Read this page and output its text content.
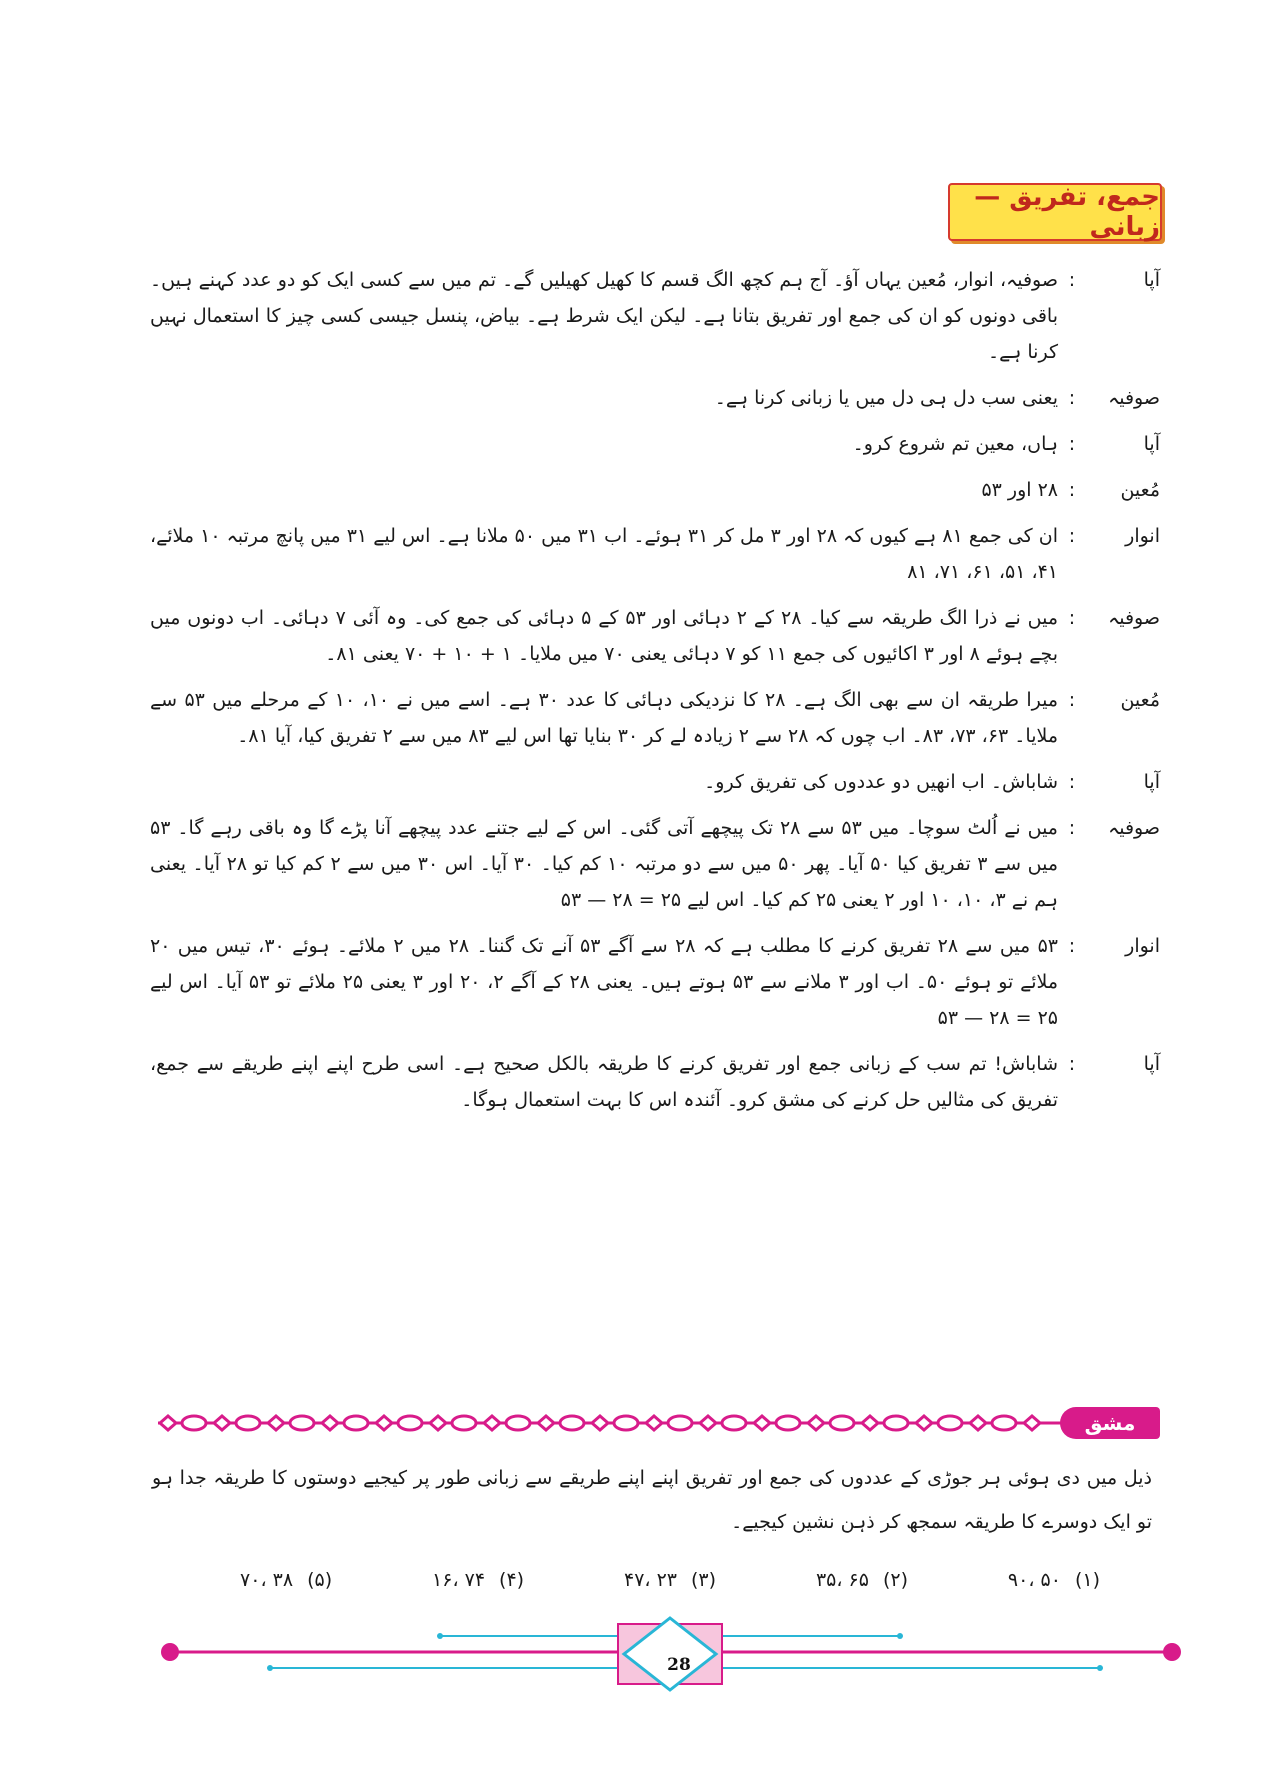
جمع، تفریق — زبانی
آپا
:
صوفیہ، انوار، مُعین یہاں آؤ۔ آج ہم کچھ الگ قسم کا کھیل کھیلیں گے۔ تم میں سے کسی ایک کو دو عدد کہنے ہیں۔ باقی دونوں کو ان کی جمع اور تفریق بتانا ہے۔ لیکن ایک شرط ہے۔ بیاض، پنسل جیسی کسی چیز کا استعمال نہیں کرنا ہے۔
صوفیہ
:
یعنی سب دل ہی دل میں یا زبانی کرنا ہے۔
آپا
:
ہاں، معین تم شروع کرو۔
مُعین
:
۲۸ اور ۵۳
انوار
:
ان کی جمع ۸۱ ہے کیوں کہ ۲۸ اور ۳ مل کر ۳۱ ہوئے۔ اب ۳۱ میں ۵۰ ملانا ہے۔ اس لیے ۳۱ میں پانچ مرتبہ ۱۰ ملائے، ۴۱، ۵۱، ۶۱، ۷۱، ۸۱
صوفیہ
:
میں نے ذرا الگ طریقہ سے کیا۔ ۲۸ کے ۲ دہائی اور ۵۳ کے ۵ دہائی کی جمع کی۔ وہ آئی ۷ دہائی۔ اب دونوں میں بچے ہوئے ۸ اور ۳ اکائیوں کی جمع ۱۱ کو ۷ دہائی یعنی ۷۰ میں ملایا۔ ۱ + ۱۰ + ۷۰ یعنی ۸۱۔
مُعین
:
میرا طریقہ ان سے بھی الگ ہے۔ ۲۸ کا نزدیکی دہائی کا عدد ۳۰ ہے۔ اسے میں نے ۱۰، ۱۰ کے مرحلے میں ۵۳ سے ملایا۔ ۶۳، ۷۳، ۸۳۔ اب چوں کہ ۲۸ سے ۲ زیادہ لے کر ۳۰ بنایا تھا اس لیے ۸۳ میں سے ۲ تفریق کیا، آیا ۸۱۔
آپا
:
شاباش۔ اب انھیں دو عددوں کی تفریق کرو۔
صوفیہ
:
میں نے اُلٹ سوچا۔ میں ۵۳ سے ۲۸ تک پیچھے آتی گئی۔ اس کے لیے جتنے عدد پیچھے آنا پڑے گا وہ باقی رہے گا۔ ۵۳ میں سے ۳ تفریق کیا ۵۰ آیا۔ پھر ۵۰ میں سے دو مرتبہ ۱۰ کم کیا۔ ۳۰ آیا۔ اس ۳۰ میں سے ۲ کم کیا تو ۲۸ آیا۔ یعنی ہم نے ۳، ۱۰، ۱۰ اور ۲ یعنی ۲۵ کم کیا۔ اس لیے ۲۵ = ۲۸ — ۵۳
انوار
:
۵۳ میں سے ۲۸ تفریق کرنے کا مطلب ہے کہ ۲۸ سے آگے ۵۳ آنے تک گننا۔ ۲۸ میں ۲ ملائے۔ ہوئے ۳۰، تیس میں ۲۰ ملائے تو ہوئے ۵۰۔ اب اور ۳ ملانے سے ۵۳ ہوتے ہیں۔ یعنی ۲۸ کے آگے ۲، ۲۰ اور ۳ یعنی ۲۵ ملائے تو ۵۳ آیا۔ اس لیے ۲۵ = ۲۸ — ۵۳
آپا
:
شاباش! تم سب کے زبانی جمع اور تفریق کرنے کا طریقہ بالکل صحیح ہے۔ اسی طرح اپنے اپنے طریقے سے جمع، تفریق کی مثالیں حل کرنے کی مشق کرو۔ آئندہ اس کا بہت استعمال ہوگا۔
مشق
ذیل میں دی ہوئی ہر جوڑی کے عددوں کی جمع اور تفریق اپنے اپنے طریقے سے زبانی طور پر کیجیے دوستوں کا طریقہ جدا ہو تو ایک دوسرے کا طریقہ سمجھ کر ذہن نشین کیجیے۔
(۱)
۵۰ ،۹۰
(۲)
۶۵ ،۳۵
(۳)
۲۳ ،۴۷
(۴)
۷۴ ،۱۶
(۵)
۳۸ ،۷۰
28
